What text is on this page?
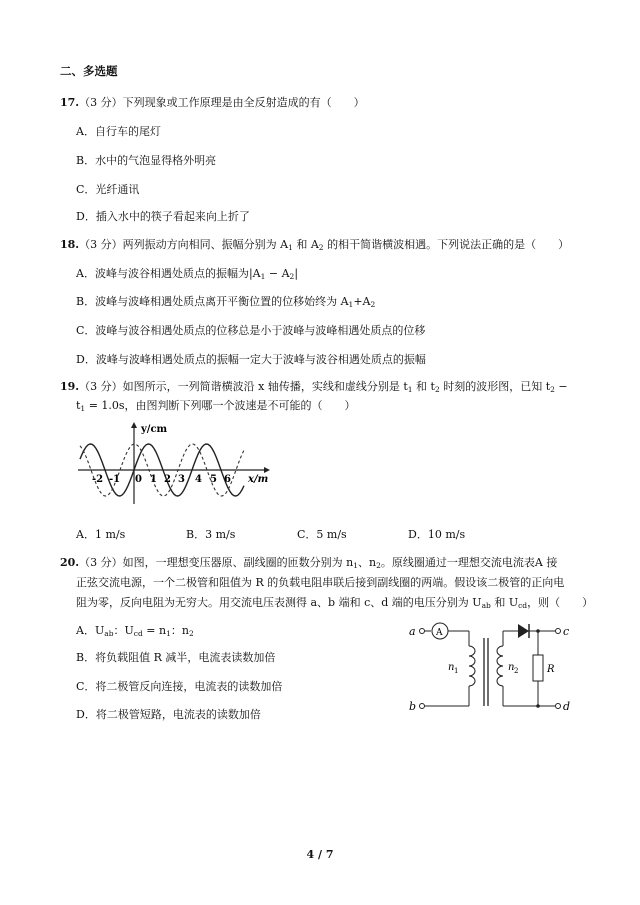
二、多选题
17.（3 分）下列现象或工作原理是由全反射造成的有（　　）
A．自行车的尾灯
B．水中的气泡显得格外明亮
C．光纤通讯
D．插入水中的筷子看起来向上折了
18.（3 分）两列振动方向相同、振幅分别为 $A_1$ 和 $A_2$ 的相干简谐横波相遇。下列说法正确的是（　　）
A．波峰与波谷相遇处质点的振幅为$|A_1 - A_2|$
B．波峰与波峰相遇处质点离开平衡位置的位移始终为 $A_1+A_2$
C．波峰与波谷相遇处质点的位移总是小于波峰与波峰相遇处质点的位移
D．波峰与波峰相遇处质点的振幅一定大于波峰与波谷相遇处质点的振幅
19.（3 分）如图所示，一列简谐横波沿 x 轴传播，实线和虚线分别是 $t_1$ 和 $t_2$ 时刻的波形图，已知 $t_2$ −
$t_1 = 1.0s$，由图判断下列哪一个波速是不可能的（　　）
y/cm
x/m
-2 -1 0 1 2 3 4 5 6
A．1 m/s	B．3 m/s	C．5 m/s	D．10 m/s
20.（3 分）如图，一理想变压器原、副线圈的匝数分别为 $n_1$、$n_2$。原线圈通过一理想交流电流表A 接
正弦交流电源，一个二极管和阻值为 R 的负载电阻串联后接到副线圈的两端。假设该二极管的正向电
阻为零，反向电阻为无穷大。用交流电压表测得 a、b 端和 c、d 端的电压分别为 $U_{ab}$ 和 $U_{cd}$，则（　　）
A．$U_{ab}$：$U_{cd} = n_1$：$n_2$
B．将负载阻值 R 减半，电流表读数加倍
C．将二极管反向连接，电流表的读数加倍
D．将二极管短路，电流表的读数加倍
a
b
c
d
A
n 1	n 2	R
4 / 7
